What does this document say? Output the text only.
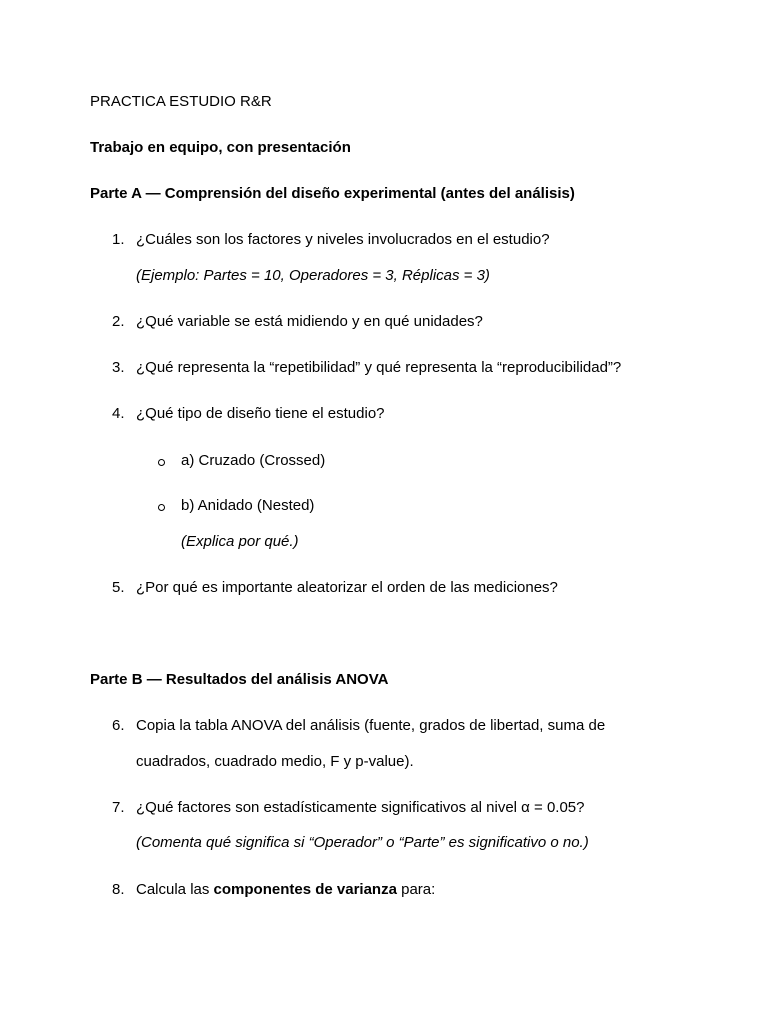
PRACTICA ESTUDIO R&R
Trabajo en equipo, con presentación
Parte A — Comprensión del diseño experimental (antes del análisis)
1. ¿Cuáles son los factores y niveles involucrados en el estudio?
(Ejemplo: Partes = 10, Operadores = 3, Réplicas = 3)
2. ¿Qué variable se está midiendo y en qué unidades?
3. ¿Qué representa la “repetibilidad” y qué representa la “reproducibilidad”?
4. ¿Qué tipo de diseño tiene el estudio?
a) Cruzado (Crossed)
b) Anidado (Nested)
(Explica por qué.)
5. ¿Por qué es importante aleatorizar el orden de las mediciones?
Parte B — Resultados del análisis ANOVA
6. Copia la tabla ANOVA del análisis (fuente, grados de libertad, suma de
cuadrados, cuadrado medio, F y p-value).
7. ¿Qué factores son estadísticamente significativos al nivel α = 0.05?
(Comenta qué significa si “Operador” o “Parte” es significativo o no.)
8. Calcula las componentes de varianza para:
